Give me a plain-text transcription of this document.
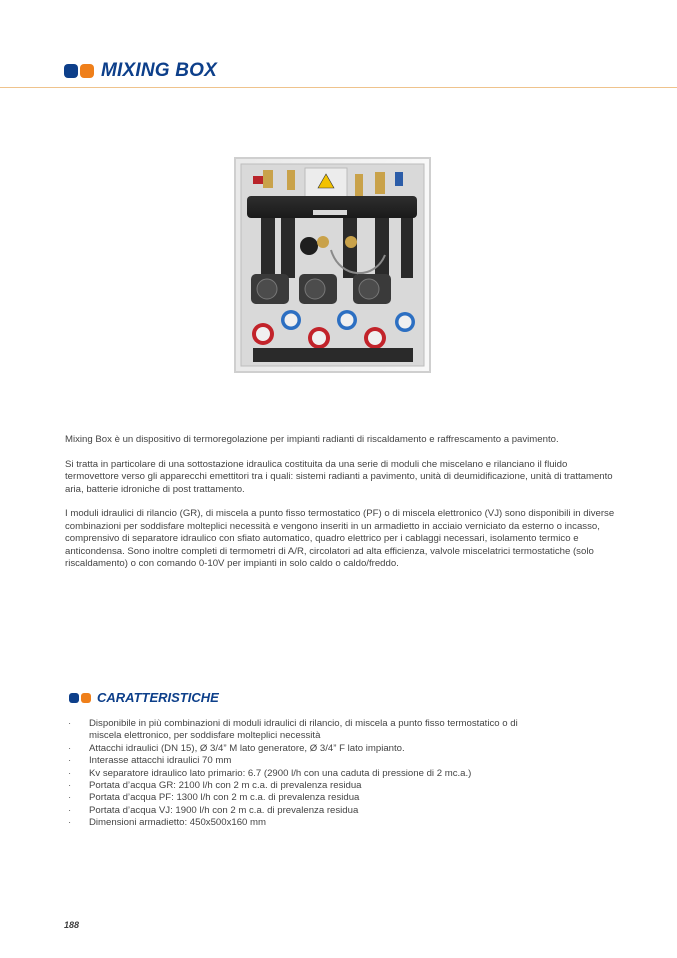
MIXING BOX

Mixing Box è un dispositivo di termoregolazione per impianti radianti di riscaldamento e raffrescamento a pavimento.

Si tratta in particolare di una sottostazione idraulica costituita da una serie di moduli che miscelano e rilanciano il fluido termovettore verso gli apparecchi emettitori tra i quali: sistemi radianti a pavimento, unità di deumidificazione, unità di trattamento aria, batterie idroniche di post trattamento.

I moduli idraulici di rilancio (GR), di miscela a punto fisso termostatico (PF) o di miscela elettronico (VJ) sono disponibili in diverse combinazioni per soddisfare molteplici necessità e vengono inseriti in un armadietto in acciaio verniciato da esterno o incasso, comprensivo di separatore idraulico con sfiato automatico, quadro elettrico per i cablaggi necessari, isolamento termico e anticondensa. Sono inoltre completi di termometri di A/R, circolatori ad alta efficienza, valvole miscelatrici termostatiche (solo riscaldamento) o con comando 0-10V per impianti in solo caldo o caldo/freddo.

CARATTERISTICHE
· Disponibile in più combinazioni di moduli idraulici di rilancio, di miscela a punto fisso termostatico o di miscela elettronico, per soddisfare molteplici necessità
· Attacchi idraulici (DN 15), Ø 3/4” M lato generatore, Ø 3/4” F lato impianto.
· Interasse attacchi idraulici 70 mm
· Kv separatore idraulico lato primario: 6.7 (2900 l/h con una caduta di pressione di 2 mc.a.)
· Portata d’acqua GR: 2100 l/h con 2 m c.a. di prevalenza residua
· Portata d’acqua PF: 1300 l/h con 2 m c.a. di prevalenza residua
· Portata d’acqua VJ: 1900 l/h con 2 m c.a. di prevalenza residua
· Dimensioni armadietto: 450x500x160 mm
188
